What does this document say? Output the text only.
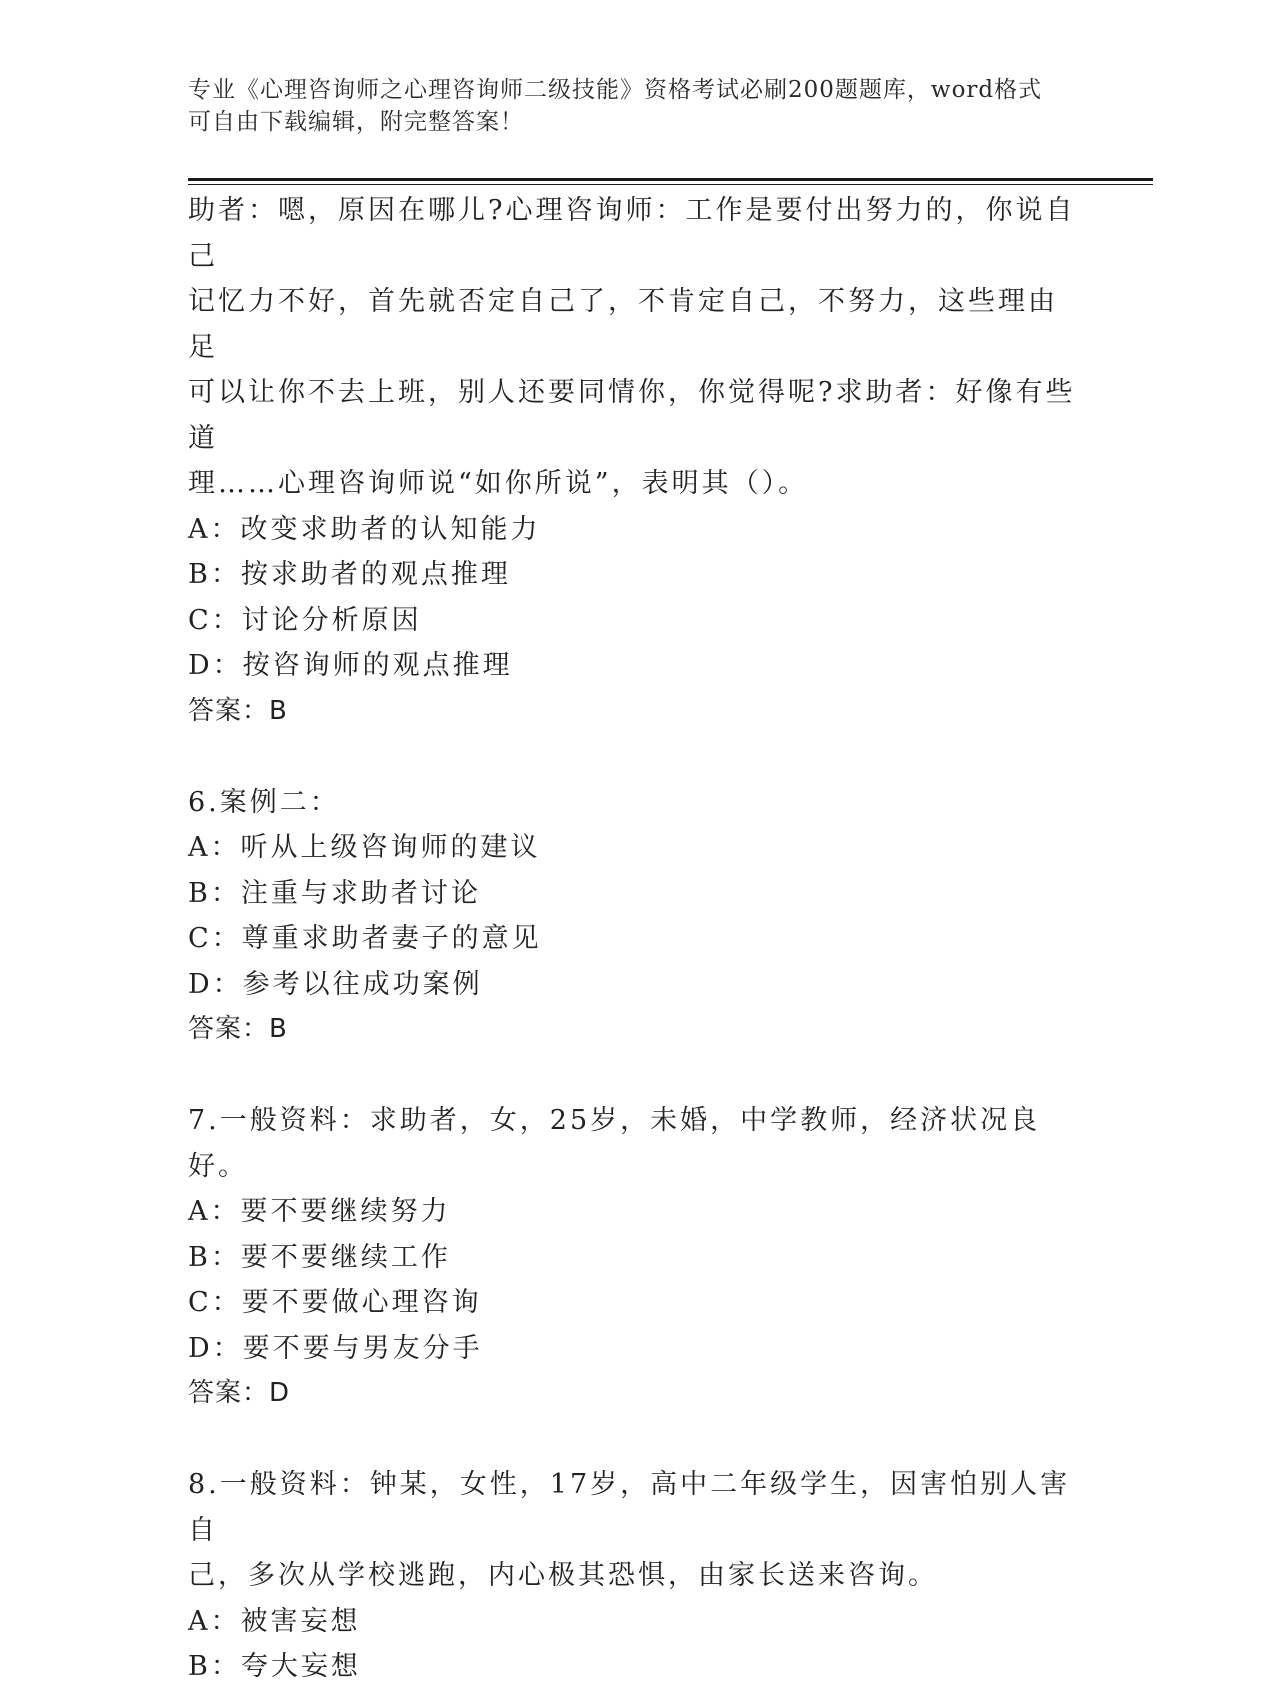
专业《心理咨询师之心理咨询师二级技能》资格考试必刷200题题库，word格式
可自由下载编辑，附完整答案！

助者：嗯，原因在哪儿?心理咨询师：工作是要付出努力的，你说自己

记忆力不好，首先就否定自己了，不肯定自己，不努力，这些理由足

可以让你不去上班，别人还要同情你，你觉得呢?求助者：好像有些道

理……心理咨询师说“如你所说”，表明其（）。

A：改变求助者的认知能力

B：按求助者的观点推理

C：讨论分析原因

D：按咨询师的观点推理

答案：B

6.案例二：

A：听从上级咨询师的建议

B：注重与求助者讨论

C：尊重求助者妻子的意见

D：参考以往成功案例

答案：B

7.一般资料：求助者，女，25岁，未婚，中学教师，经济状况良好。

A：要不要继续努力

B：要不要继续工作

C：要不要做心理咨询

D：要不要与男友分手

答案：D

8.一般资料：钟某，女性，17岁，高中二年级学生，因害怕别人害自

己，多次从学校逃跑，内心极其恐惧，由家长送来咨询。

A：被害妄想

B：夸大妄想
